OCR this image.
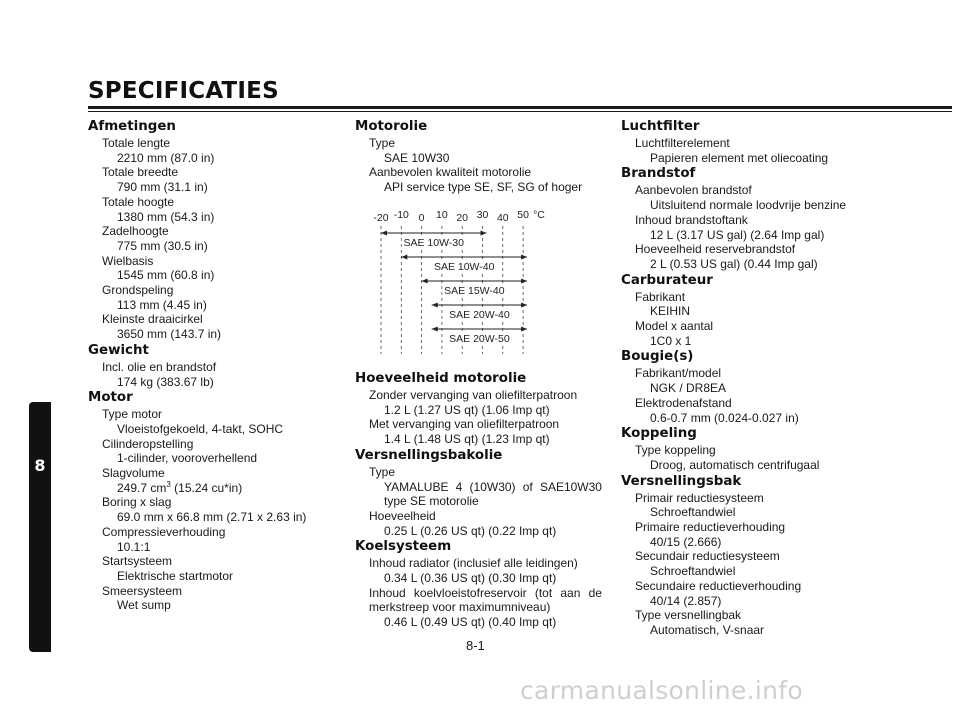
SPECIFICATIES
Afmetingen
Totale lengte
2210 mm (87.0 in)
Totale breedte
790 mm (31.1 in)
Totale hoogte
1380 mm (54.3 in)
Zadelhoogte
775 mm (30.5 in)
Wielbasis
1545 mm (60.8 in)
Grondspeling
113 mm (4.45 in)
Kleinste draaicirkel
3650 mm (143.7 in)
Gewicht
Incl. olie en brandstof
174 kg (383.67 lb)
Motor
Type motor
Vloeistofgekoeld, 4-takt, SOHC
Cilinderopstelling
1-cilinder, vooroverhellend
Slagvolume
249.7 $cm^3$ (15.24 cu*in)
Boring x slag
69.0 mm x 66.8 mm (2.71 x 2.63 in)
Compressieverhouding
10.1:1
Startsysteem
Elektrische startmotor
Smeersysteem
Wet sump
Motorolie
Type
SAE 10W30
Aanbevolen kwaliteit motorolie
API service type SE, SF, SG of hoger
-20 -10 0 10 20 30 40 50 °C
SAE 10W-30
SAE 10W-40
SAE 15W-40
SAE 20W-40
SAE 20W-50
Hoeveelheid motorolie
Zonder vervanging van oliefilterpatroon
1.2 L (1.27 US qt) (1.06 Imp qt)
Met vervanging van oliefilterpatroon
1.4 L (1.48 US qt) (1.23 Imp qt)
Versnellingsbakolie
Type
YAMALUBE 4 (10W30) of SAE10W30
type SE motorolie
Hoeveelheid
0.25 L (0.26 US qt) (0.22 Imp qt)
Koelsysteem
Inhoud radiator (inclusief alle leidingen)
0.34 L (0.36 US qt) (0.30 Imp qt)
Inhoud koelvloeistofreservoir (tot aan de
merkstreep voor maximumniveau)
0.46 L (0.49 US qt) (0.40 Imp qt)
Luchtfilter
Luchtfilterelement
Papieren element met oliecoating
Brandstof
Aanbevolen brandstof
Uitsluitend normale loodvrije benzine
Inhoud brandstoftank
12 L (3.17 US gal) (2.64 Imp gal)
Hoeveelheid reservebrandstof
2 L (0.53 US gal) (0.44 Imp gal)
Carburateur
Fabrikant
KEIHIN
Model x aantal
1C0 x 1
Bougie(s)
Fabrikant/model
NGK / DR8EA
Elektrodenafstand
0.6-0.7 mm (0.024-0.027 in)
Koppeling
Type koppeling
Droog, automatisch centrifugaal
Versnellingsbak
Primair reductiesysteem
Schroeftandwiel
Primaire reductieverhouding
40/15 (2.666)
Secundair reductiesysteem
Schroeftandwiel
Secundaire reductieverhouding
40/14 (2.857)
Type versnellingbak
Automatisch, V-snaar
8
8-1
carmanualsonline.info
